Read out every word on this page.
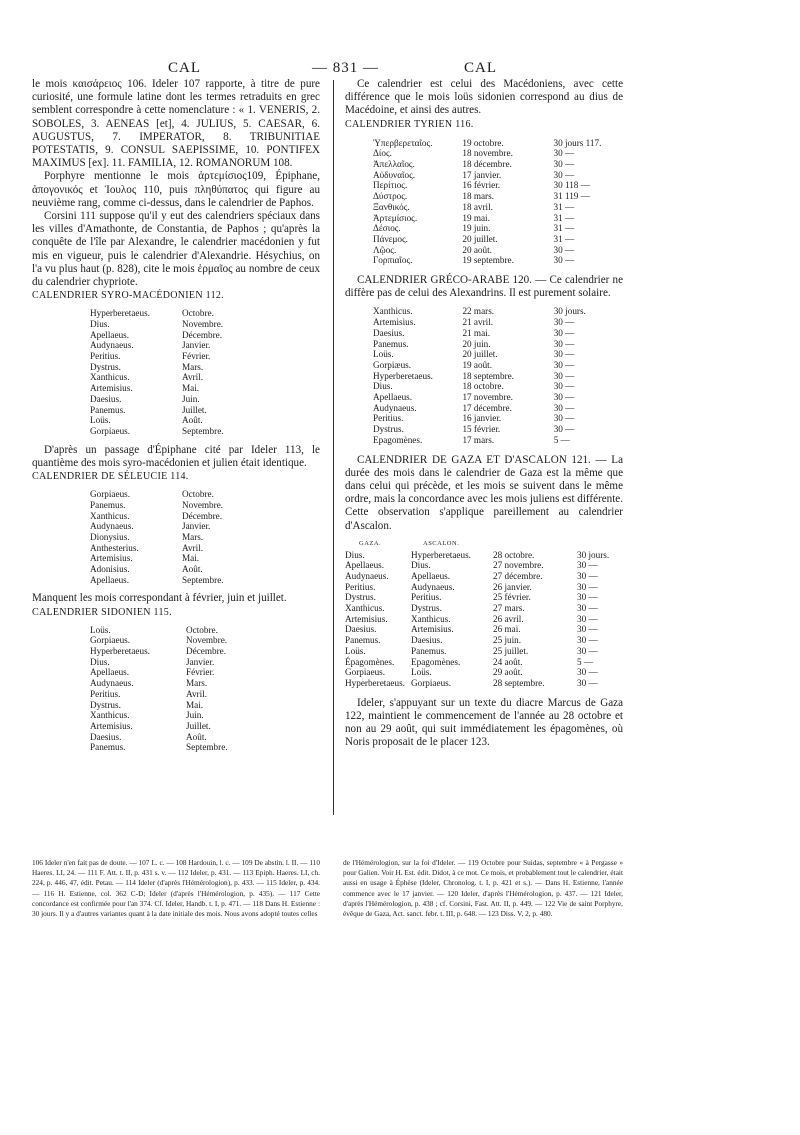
CAL	— 831 —	CAL

le mois καισάρειος 106. Ideler 107 rapporte, à titre de pure curiosité, une formule latine dont les termes retraduits en grec semblent correspondre à cette nomenclature : « 1. VENERIS, 2. SOBOLES, 3. AENEAS [et], 4. JULIUS, 5. CAESAR, 6. AUGUSTUS, 7. IMPERATOR, 8. TRIBUNITIAE POTESTATIS, 9. CONSUL SAEPISSIME, 10. PONTIFEX MAXIMUS [ex]. 11. FAMILIA, 12. ROMANORUM 108.

Porphyre mentionne le mois ἀρτεμίσιος109, Épiphane, ἀπογονικός et Ἰουλος 110, puis πληθύπατος qui figure au neuvième rang, comme ci-dessus, dans le calendrier de Paphos.

Corsini 111 suppose qu'il y eut des calendriers spéciaux dans les villes d'Amathonte, de Constantia, de Paphos ; qu'après la conquête de l'île par Alexandre, le calendrier macédonien y fut mis en vigueur, puis le calendrier d'Alexandrie. Hésychius, on l'a vu plus haut (p. 828), cite le mois ἑρμαῖος au nombre de ceux du calendrier chypriote.

CALENDRIER SYRO-MACÉDONIEN 112.

Hyperberetaeus.	Octobre.
Dius.	Novembre.
Apellaeus.	Décembre.
Audynaeus.	Janvier.
Peritius.	Février.
Dystrus.	Mars.
Xanthicus.	Avril.
Artemisius.	Mai.
Daesius.	Juin.
Panemus.	Juillet.
Loüs.	Août.
Gorpiaeus.	Septembre.

D'après un passage d'Épiphane cité par Ideler 113, le quantième des mois syro-macédonien et julien était identique.

CALENDRIER DE SÉLEUCIE 114.

Gorpiaeus.	Octobre.
Panemus.	Novembre.
Xanthicus.	Décembre.
Audynaeus.	Janvier.
Dionysius.	Mars.
Anthesterius.	Avril.
Artemisius.	Mai.
Adonisius.	Août.
Apellaeus.	Septembre.

Manquent les mois correspondant à février, juin et juillet.

CALENDRIER SIDONIEN 115.

Loüs.	Octobre.
Gorpiaeus.	Novembre.
Hyperberetaeus.	Décembre.
Dius.	Janvier.
Apellaeus.	Février.
Audynaeus.	Mars.
Peritius.	Avril.
Dystrus.	Mai.
Xanthicus.	Juin.
Artemisius.	Juillet.
Daesius.	Août.
Panemus.	Septembre.

Ce calendrier est celui des Macédoniens, avec cette différence que le mois loüs sidonien correspond au dius de Macédoine, et ainsi des autres.

CALENDRIER TYRIEN 116.

Ὑπερβερεταῖος.	19 octobre.	30 jours 117.
Δίος.	18 novembre.	30 —
Ἀπελλαῖος.	18 décembre.	30 —
Αὐδυναῖος.	17 janvier.	30 —
Περίτιος.	16 février.	30 118 —
Δύστρος.	18 mars.	31 119 —
Ξανθικός.	18 avril.	31 —
Ἀρτεμίσιος.	19 mai.	31 —
Δέσιος.	19 juin.	31 —
Πάνεμος.	20 juillet.	31 —
Λῷος.	20 août.	30 —
Γορπιαῖος.	19 septembre.	30 —

CALENDRIER GRÉCO-ARABE 120. — Ce calendrier ne diffère pas de celui des Alexandrins. Il est purement solaire.

Xanthicus.	22 mars.	30 jours.
Artemisius.	21 avril.	30 —
Daesius.	21 mai.	30 —
Panemus.	20 juin.	30 —
Loüs.	20 juillet.	30 —
Gorpiæus.	19 août.	30 —
Hyperberetaeus.	18 septembre.	30 —
Dius.	18 octobre.	30 —
Apellaeus.	17 novembre.	30 —
Audynaeus.	17 décembre.	30 —
Peritius.	16 janvier.	30 —
Dystrus.	15 février.	30 —
Epagomènes.	17 mars.	5 —

CALENDRIER DE GAZA ET D'ASCALON 121. — La durée des mois dans le calendrier de Gaza est la même que dans celui qui précède, et les mois se suivent dans le même ordre, mais la concordance avec les mois juliens est différente. Cette observation s'applique pareillement au calendrier d'Ascalon.

GAZA.	ASCALON.		
Dius.	Hyperberetaeus.	28 octobre.	30 jours.
Apellaeus.	Dius.	27 novembre.	30 —
Audynaeus.	Apellaeus.	27 décembre.	30 —
Peritius.	Audynaeus.	26 janvier.	30 —
Dystrus.	Peritius.	25 février.	30 —
Xanthicus.	Dystrus.	27 mars.	30 —
Artemisius.	Xanthicus.	26 avril.	30 —
Daesius.	Artemisius.	26 mai.	30 —
Panemus.	Daesius.	25 juin.	30 —
Loüs.	Panemus.	25 juillet.	30 —
Épagomènes.	Epagomènes.	24 août.	5 —
Gorpiaeus.	Loüs.	29 août.	30 —
Hyperberetaeus.	Gorpiaeus.	28 septembre.	30 —

Ideler, s'appuyant sur un texte du diacre Marcus de Gaza 122, maintient le commencement de l'année au 28 octobre et non au 29 août, qui suit immédiatement les épagomènes, où Noris proposait de le placer 123.

106 Ideler n'en fait pas de doute. — 107 L. c. — 108 Hardouin, l. c. — 109 De abstin. l. II. — 110 Haeres. LI, 24. — 111 F. Att. t. II, p. 431 s. v. — 112 Ideler, p. 431. — 113 Epiph. Haeres. LI, ch. 224, p. 446, 47, édit. Petau. — 114 Ideler (d'après l'Hémérologion), p. 433. — 115 Ideler, p. 434. — 116 H. Estienne, col. 362 C-D; Ideler (d'après l'Hémérologion, p. 435). — 117 Cette concordance est confirmée pour l'an 374. Cf. Ideler, Handb. t. I, p. 471. — 118 Dans H. Estienne : 30 jours. Il y a d'autres variantes quant à la date initiale des mois. Nous avons adopté toutes celles
de l'Hémérologion, sur la foi d'Ideler. — 119 Octobre pour Suidas, septembre « à Pergasse » pour Galien. Voir H. Est. édit. Didot, à ce mot. Ce mois, et probablement tout le calendrier, était aussi en usage à Éphèse (Ideler, Chronolog. t. I, p. 421 et s.). — Dans H. Estienne, l'année commence avec le 17 janvier. — 120 Ideler, d'après l'Hémérologion, p. 437. — 121 Ideler, d'après l'Hémérologion, p. 438 ; cf. Corsini, Fast. Att. II, p. 449. — 122 Vie de saint Porphyre, évêque de Gaza, Act. sanct. febr. t. III, p. 648. — 123 Diss. V, 2, p. 480.
